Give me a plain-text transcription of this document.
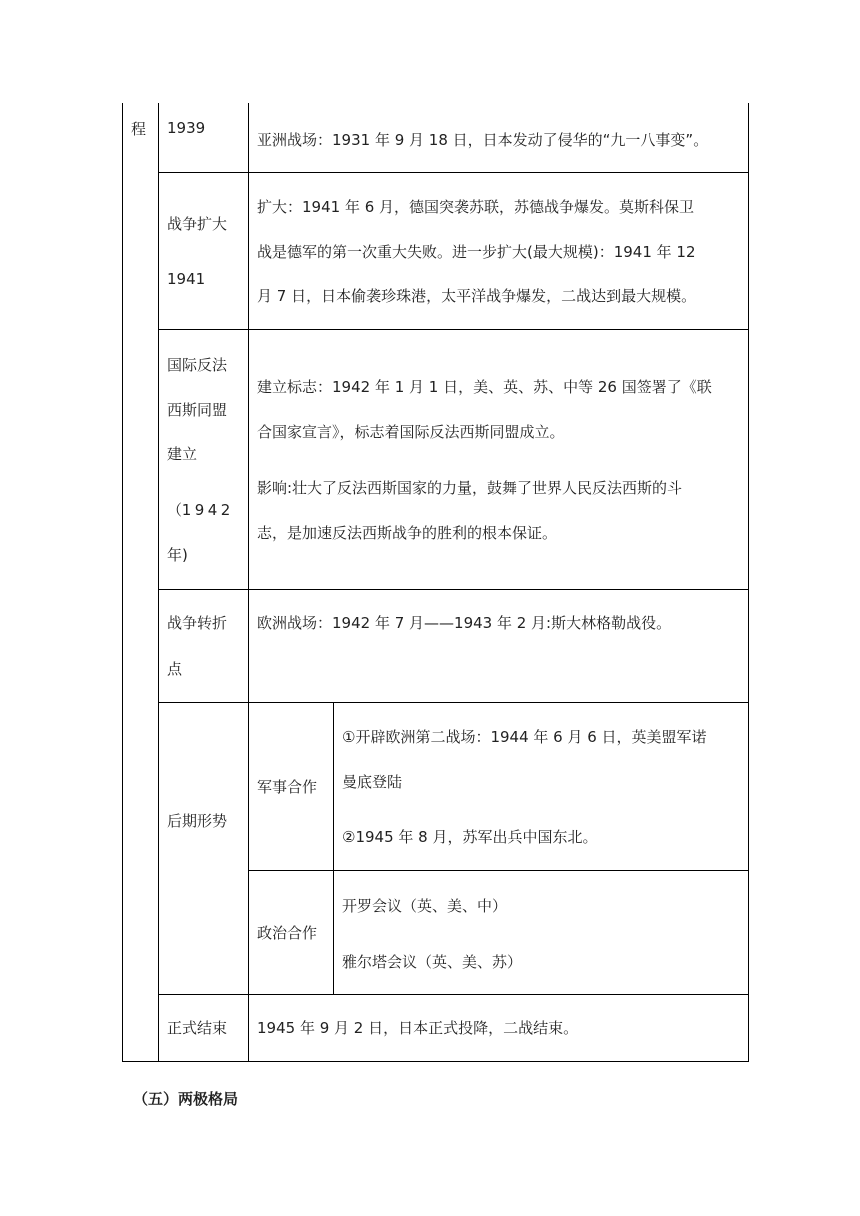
程 1939
亚洲战场：1931 年 9 月 18 日，日本发动了侵华的“九一八事变”。
战争扩大
1941
扩大：1941 年 6 月，德国突袭苏联，苏德战争爆发。莫斯科保卫
战是德军的第一次重大失败。进一步扩大(最大规模)：1941 年 12
月 7 日，日本偷袭珍珠港，太平洋战争爆发，二战达到最大规模。
国际反法
西斯同盟
建立
（1 9 4 2
年)
建立标志：1942 年 1 月 1 日，美、英、苏、中等 26 国签署了《联
合国家宣言》，标志着国际反法西斯同盟成立。
影响:壮大了反法西斯国家的力量，鼓舞了世界人民反法西斯的斗
志，是加速反法西斯战争的胜利的根本保证。
战争转折
点
欧洲战场：1942 年 7 月——1943 年 2 月:斯大林格勒战役。
后期形势
军事合作
①开辟欧洲第二战场：1944 年 6 月 6 日，英美盟军诺
曼底登陆
②1945 年 8 月，苏军出兵中国东北。
政治合作
开罗会议（英、美、中）
雅尔塔会议（英、美、苏）
正式结束 1945 年 9 月 2 日，日本正式投降，二战结束。
（五）两极格局
